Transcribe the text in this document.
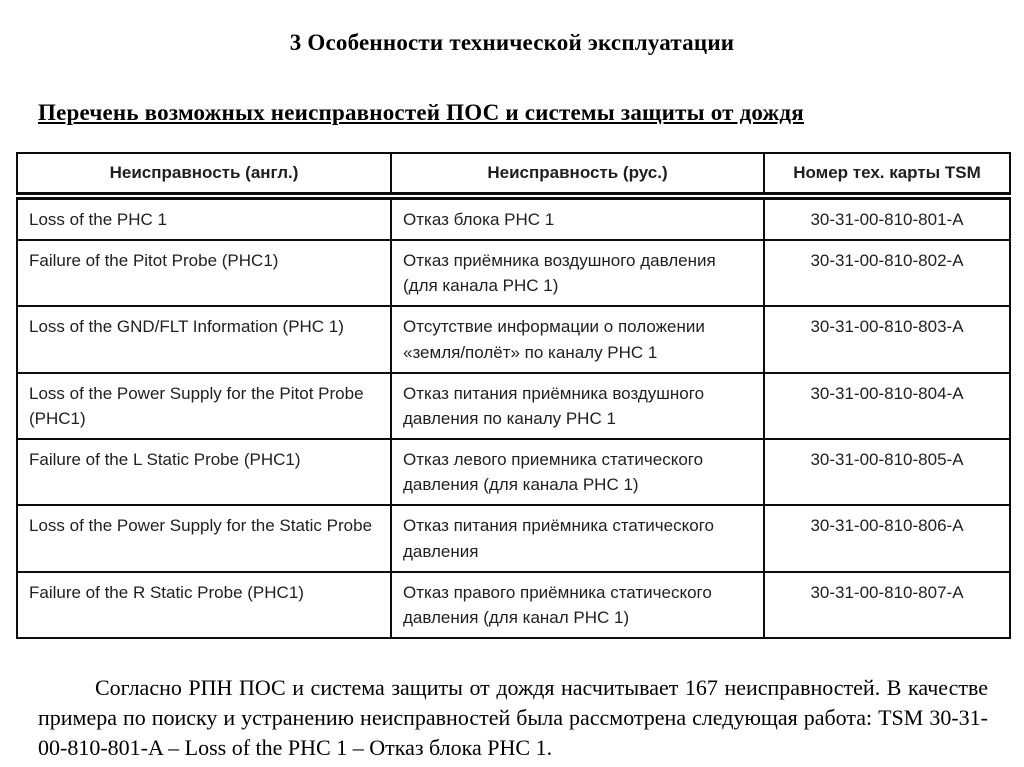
3 Особенности технической эксплуатации
Перечень возможных неисправностей ПОС и системы защиты от дождя
Неисправность (англ.)	Неисправность (рус.)	Номер тех. карты TSM
Loss of the PHC 1	Отказ блока PHC 1	30-31-00-810-801-A
Failure of the Pitot Probe (PHC1)	Отказ приёмника воздушного давления (для канала PHC 1)	30-31-00-810-802-A
Loss of the GND/FLT Information (PHC 1)	Отсутствие информации о положении «земля/полёт» по каналу PHC 1	30-31-00-810-803-A
Loss of the Power Supply for the Pitot Probe (PHC1)	Отказ питания приёмника воздушного давления по каналу PHC 1	30-31-00-810-804-A
Failure of the L Static Probe (PHC1)	Отказ левого приемника статического давления (для канала PHC 1)	30-31-00-810-805-A
Loss of the Power Supply for the Static Probe	Отказ питания приёмника статического давления	30-31-00-810-806-A
Failure of the R Static Probe (PHC1)	Отказ правого приёмника статического давления (для канал PHC 1)	30-31-00-810-807-A

Согласно РПН ПОС и система защиты от дождя насчитывает 167 неисправностей. В качестве примера по поиску и устранению неисправностей была рассмотрена следующая работа: TSM 30-31-00-810-801-A – Loss of the PHC 1 – Отказ блока PHC 1.
